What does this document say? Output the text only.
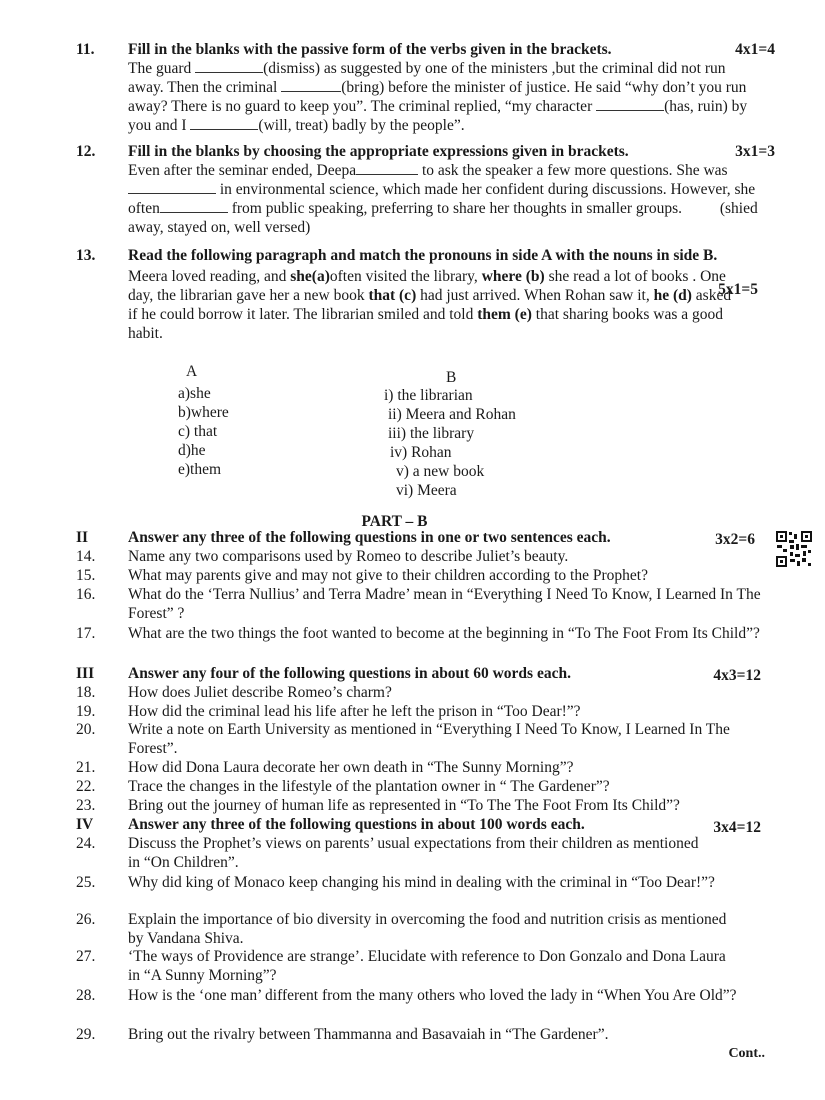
11. Fill in the blanks with the passive form of the verbs given in the brackets.	4x1=4
The guard	(dismiss) as suggested by one of the ministers ,but the criminal did not run away. Then the criminal	(bring) before the minister of justice. He said “why don’t you run away? There is no guard to keep you”. The criminal replied, “my character	(has, ruin) by you and I	(will, treat) badly by the people”.
12. Fill in the blanks by choosing the appropriate expressions given in brackets.	3x1=3
Even after the seminar ended, Deepa	to ask the speaker a few more questions. She was  in environmental science, which made her confident during discussions. However, she often	from public speaking, preferring to share her thoughts in smaller groups. (shied away, stayed on, well versed)
13. Read the following paragraph and match the pronouns in side A with the nouns in side B.
5x1=5
Meera loved reading, and she(a)often visited the library, where (b) she read a lot of books . One day, the librarian gave her a new book that (c) had just arrived. When Rohan saw it, he (d) asked if he could borrow it later. The librarian smiled and told them (e) that sharing books was a good habit.
A	B
a)she
b)where
c) that
d)he
e)them
i) the librarian
ii) Meera and Rohan
iii) the library
iv) Rohan
v) a new book
vi) Meera
PART – B
II	Answer any three of the following questions in one or two sentences each.	3x2=6
14. Name any two comparisons used by Romeo to describe Juliet’s beauty.
15. What may parents give and may not give to their children according to the Prophet?
16. What do the ‘Terra Nullius’ and Terra Madre’ mean in “Everything I Need To Know, I Learned In The Forest” ?
17. What are the two things the foot wanted to become at the beginning in “To The Foot From Its Child”?
III Answer any four of the following questions in about 60 words each.	4x3=12
18. How does Juliet describe Romeo’s charm?
19. How did the criminal lead his life after he left the prison in “Too Dear!”?
20. Write a note on Earth University as mentioned in “Everything I Need To Know, I Learned In The Forest”.
21. How did Dona Laura decorate her own death in “The Sunny Morning”?
22. Trace the changes in the lifestyle of the plantation owner in “ The Gardener”?
23. Bring out the journey of human life as represented in “To The The Foot From Its Child”?
IV Answer any three of the following questions in about 100 words each.	3x4=12
24. Discuss the Prophet’s views on parents’ usual expectations from their children as mentioned in “On Children”.
25. Why did king of Monaco keep changing his mind in dealing with the criminal in “Too Dear!”?
26. Explain the importance of bio diversity in overcoming the food and nutrition crisis as mentioned by Vandana Shiva.
27. ‘The ways of Providence are strange’. Elucidate with reference to Don Gonzalo and Dona Laura in “A Sunny Morning”?
28. How is the ‘one man’ different from the many others who loved the lady in “When You Are Old”?
29. Bring out the rivalry between Thammanna and Basavaiah in “The Gardener”.
Cont..
